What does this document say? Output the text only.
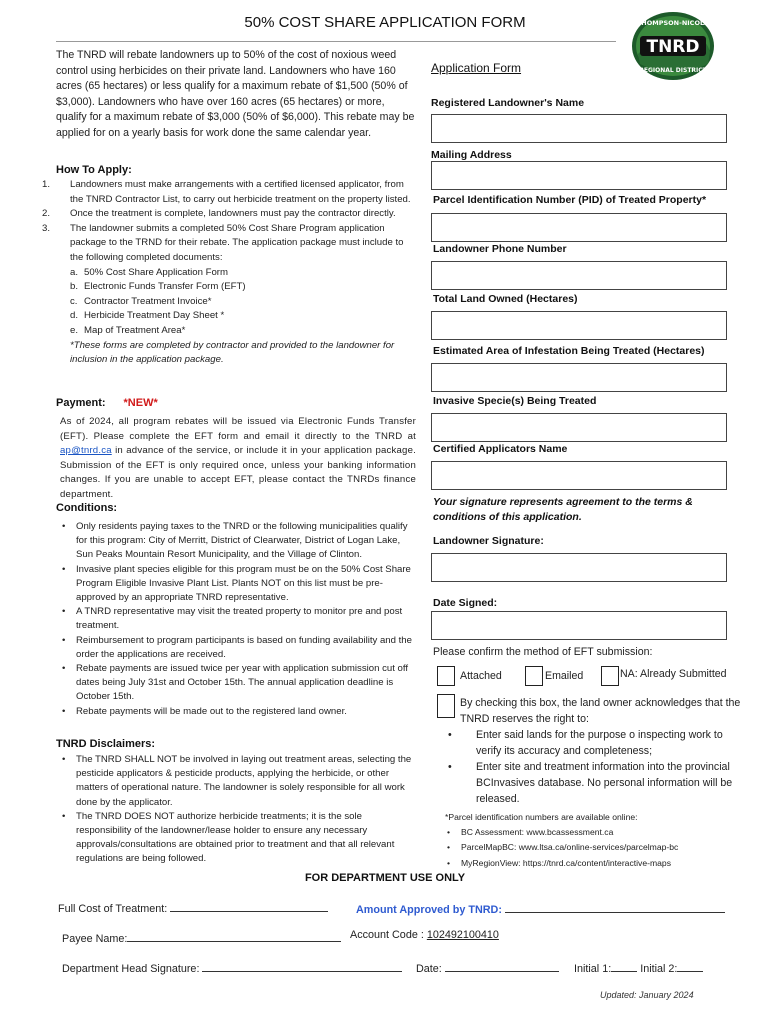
50% COST SHARE APPLICATION FORM
TNRD
THOMPSON-NICOLA
REGIONAL DISTRICT
The TNRD will rebate landowners up to 50% of the cost of noxious weed control using herbicides on their private land. Landowners who have 160 acres (65 hectares) or less qualify for a maximum rebate of $1,500 (50% of $3,000). Landowners who have over 160 acres (65 hectares) or more, qualify for a maximum rebate of $3,000 (50% of $6,000). This rebate may be applied for on a yearly basis for work done the same calendar year.
How To Apply:
1. Landowners must make arrangements with a certified licensed applicator, from the TNRD Contractor List, to carry out herbicide treatment on the property listed.
2. Once the treatment is complete, landowners must pay the contractor directly.
3. The landowner submits a completed 50% Cost Share Program application package to the TRND for their rebate. The application package must include to the following completed documents:
a. 50% Cost Share Application Form
b. Electronic Funds Transfer Form (EFT)
c. Contractor Treatment Invoice*
d. Herbicide Treatment Day Sheet *
e. Map of Treatment Area*
*These forms are completed by contractor and provided to the landowner for inclusion in the application package.
Payment: *NEW*
As of 2024, all program rebates will be issued via Electronic Funds Transfer (EFT). Please complete the EFT form and email it directly to the TNRD at ap@tnrd.ca in advance of the service, or include it in your application package. Submission of the EFT is only required once, unless your banking information changes. If you are unable to accept EFT, please contact the TNRDs finance department.
Conditions:
• Only residents paying taxes to the TNRD or the following municipalities qualify for this program: City of Merritt, District of Clearwater, District of Logan Lake, Sun Peaks Mountain Resort Municipality, and the Village of Clinton.
• Invasive plant species eligible for this program must be on the 50% Cost Share Program Eligible Invasive Plant List. Plants NOT on this list must be pre-approved by an appropriate TNRD representative.
• A TNRD representative may visit the treated property to monitor pre and post treatment.
• Reimbursement to program participants is based on funding availability and the order the applications are received.
• Rebate payments are issued twice per year with application submission cut off dates being July 31st and October 15th. The annual application deadline is October 15th.
• Rebate payments will be made out to the registered land owner.
TNRD Disclaimers:
• The TNRD SHALL NOT be involved in laying out treatment areas, selecting the pesticide applicators & pesticide products, applying the herbicide, or other matters of operational nature. The landowner is solely responsible for all work done by the applicator.
• The TNRD DOES NOT authorize herbicide treatments; it is the sole responsibility of the landowner/lease holder to ensure any necessary approvals/consultations are obtained prior to treatment and that all relevant regulations are being followed.
Application Form
Registered Landowner's Name
Mailing Address
Parcel Identification Number (PID) of Treated Property*
Landowner Phone Number
Total Land Owned (Hectares)
Estimated Area of Infestation Being Treated (Hectares)
Invasive Specie(s) Being Treated
Certified Applicators Name
Your signature represents agreement to the terms & conditions of this application.
Landowner Signature:
Date Signed:
Please confirm the method of EFT submission:
Attached	Emailed	NA: Already Submitted
By checking this box, the land owner acknowledges that the TNRD reserves the right to:
• Enter said lands for the purpose o inspecting work to verify its accuracy and completeness;
• Enter site and treatment information into the provincial BCInvasives database. No personal information will be released.
*Parcel identification numbers are available online:
• BC Assessment: www.bcassessment.ca
• ParcelMapBC: www.ltsa.ca/online-services/parcelmap-bc
• MyRegionView: https://tnrd.ca/content/interactive-maps
FOR DEPARTMENT USE ONLY
Full Cost of Treatment:	Amount Approved by TNRD:
Payee Name:	Account Code : 102492100410
Department Head Signature:	Date:	Initial 1:	Initial 2:
Updated: January 2024
